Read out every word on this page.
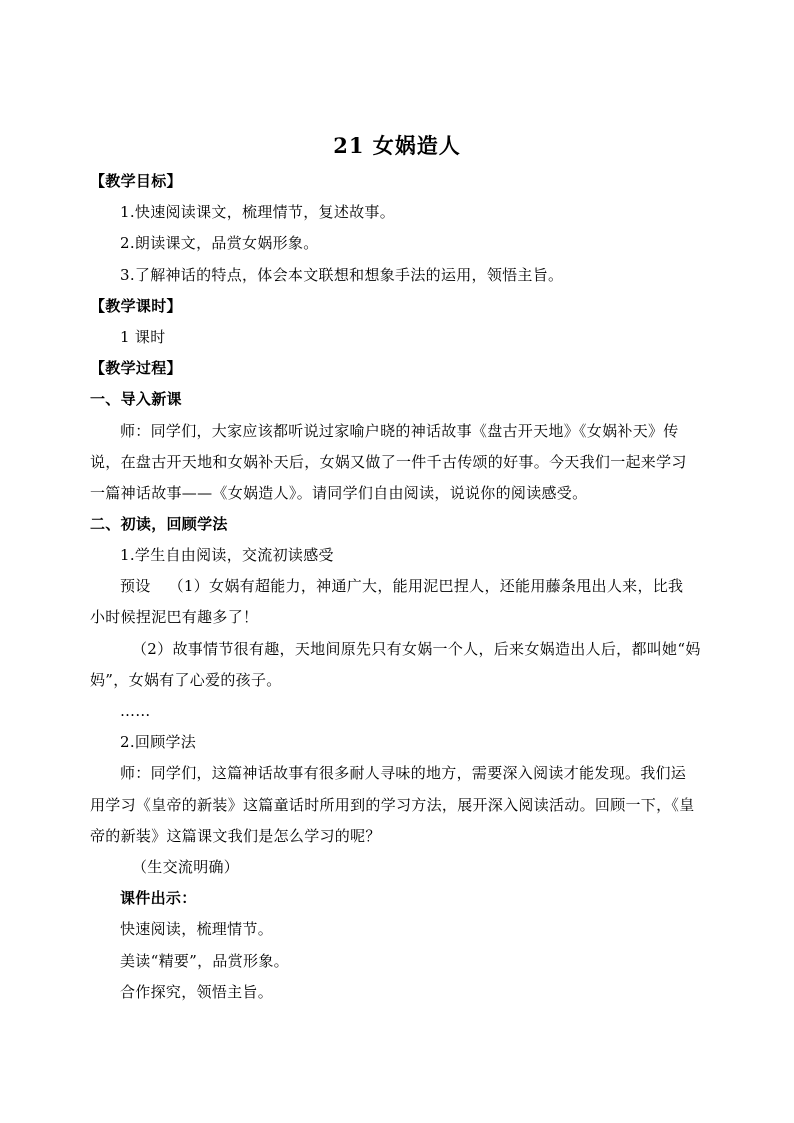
21 女娲造人
【教学目标】
1.快速阅读课文，梳理情节，复述故事。
2.朗读课文，品赏女娲形象。
3.了解神话的特点，体会本文联想和想象手法的运用，领悟主旨。
【教学课时】
1 课时
【教学过程】
一、导入新课
师：同学们，大家应该都听说过家喻户晓的神话故事《盘古开天地》《女娲补天》传
说，在盘古开天地和女娲补天后，女娲又做了一件千古传颂的好事。今天我们一起来学习
一篇神话故事——《女娲造人》。请同学们自由阅读，说说你的阅读感受。
二、初读，回顾学法
1.学生自由阅读，交流初读感受
预设 （1）女娲有超能力，神通广大，能用泥巴捏人，还能用藤条甩出人来，比我
小时候捏泥巴有趣多了！
（2）故事情节很有趣，天地间原先只有女娲一个人，后来女娲造出人后，都叫她“妈
妈”，女娲有了心爱的孩子。
……
2.回顾学法
师：同学们，这篇神话故事有很多耐人寻味的地方，需要深入阅读才能发现。我们运
用学习《皇帝的新装》这篇童话时所用到的学习方法，展开深入阅读活动。回顾一下，《皇
帝的新装》这篇课文我们是怎么学习的呢？
（生交流明确）
课件出示：
快速阅读，梳理情节。
美读“精要”，品赏形象。
合作探究，领悟主旨。
